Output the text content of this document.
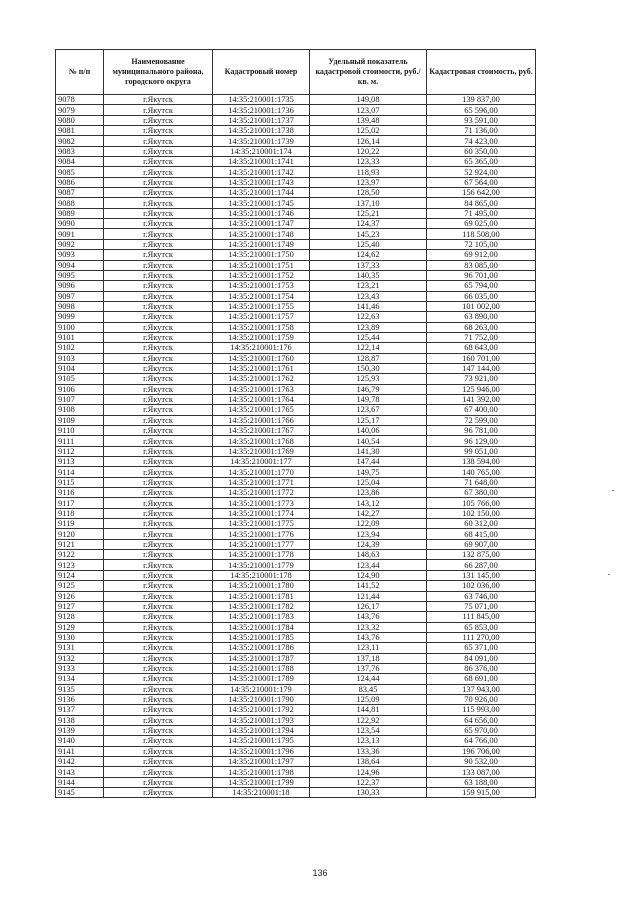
№ п/п	Наименование муниципального района, городского округа	Кадастровый номер	Удельный показатель кадастровой стоимости, руб./кв. м.	Кадастровая стоимость, руб.
9078	г.Якутск	14:35:210001:1735	149,08	139 837,00
9079	г.Якутск	14:35:210001:1736	123,07	65 596,00
9080	г.Якутск	14:35:210001:1737	139,48	93 591,00
9081	г.Якутск	14:35:210001:1738	125,02	71 136,00
9082	г.Якутск	14:35:210001:1739	126,14	74 423,00
9083	г.Якутск	14:35:210001:174	120,22	60 350,00
9084	г.Якутск	14:35:210001:1741	123,33	65 365,00
9085	г.Якутск	14:35:210001:1742	118,93	52 924,00
9086	г.Якутск	14:35:210001:1743	123,97	67 564,00
9087	г.Якутск	14:35:210001:1744	128,50	156 642,00
9088	г.Якутск	14:35:210001:1745	137,10	84 865,00
9089	г.Якутск	14:35:210001:1746	125,21	71 495,00
9090	г.Якутск	14:35:210001:1747	124,37	69 025,00
9091	г.Якутск	14:35:210001:1748	145,23	118 508,00
9092	г.Якутск	14:35:210001:1749	125,40	72 105,00
9093	г.Якутск	14:35:210001:1750	124,62	69 912,00
9094	г.Якутск	14:35:210001:1751	137,33	83 085,00
9095	г.Якутск	14:35:210001:1752	140,35	96 701,00
9096	г.Якутск	14:35:210001:1753	123,21	65 794,00
9097	г.Якутск	14:35:210001:1754	123,43	66 035,00
9098	г.Якутск	14:35:210001:1755	141,46	101 002,00
9099	г.Якутск	14:35:210001:1757	122,63	63 890,00
9100	г.Якутск	14:35:210001:1758	123,89	68 263,00
9101	г.Якутск	14:35:210001:1759	125,44	71 752,00
9102	г.Якутск	14:35:210001:176	122,14	68 643,00
9103	г.Якутск	14:35:210001:1760	128,87	160 701,00
9104	г.Якутск	14:35:210001:1761	150,30	147 144,00
9105	г.Якутск	14:35:210001:1762	125,93	73 921,00
9106	г.Якутск	14:35:210001:1763	146,79	125 946,00
9107	г.Якутск	14:35:210001:1764	149,78	141 392,00
9108	г.Якутск	14:35:210001:1765	123,67	67 400,00
9109	г.Якутск	14:35:210001:1766	125,17	72 599,00
9110	г.Якутск	14:35:210001:1767	140,06	96 781,00
9111	г.Якутск	14:35:210001:1768	140,54	96 129,00
9112	г.Якутск	14:35:210001:1769	141,30	99 051,00
9113	г.Якутск	14:35:210001:177	147,44	138 594,00
9114	г.Якутск	14:35:210001:1770	149,75	140 765,00
9115	г.Якутск	14:35:210001:1771	125,04	71 648,00
9116	г.Якутск	14:35:210001:1772	123,86	67 380,00
9117	г.Якутск	14:35:210001:1773	143,12	105 766,00
9118	г.Якутск	14:35:210001:1774	142,27	102 150,00
9119	г.Якутск	14:35:210001:1775	122,09	60 312,00
9120	г.Якутск	14:35:210001:1776	123,94	68 415,00
9121	г.Якутск	14:35:210001:1777	124,39	69 907,00
9122	г.Якутск	14:35:210001:1778	148,63	132 875,00
9123	г.Якутск	14:35:210001:1779	123,44	66 287,00
9124	г.Якутск	14:35:210001:178	124,90	131 145,00
9125	г.Якутск	14:35:210001:1780	141,52	102 036,00
9126	г.Якутск	14:35:210001:1781	121,44	63 746,00
9127	г.Якутск	14:35:210001:1782	126,17	75 071,00
9128	г.Якутск	14:35:210001:1783	143,76	111 845,00
9129	г.Якутск	14:35:210001:1784	123,32	65 853,00
9130	г.Якутск	14:35:210001:1785	143,76	111 270,00
9131	г.Якутск	14:35:210001:1786	123,11	65 371,00
9132	г.Якутск	14:35:210001:1787	137,18	84 091,00
9133	г.Якутск	14:35:210001:1788	137,76	86 376,00
9134	г.Якутск	14:35:210001:1789	124,44	68 691,00
9135	г.Якутск	14:35:210001:179	83,45	137 943,00
9136	г.Якутск	14:35:210001:1790	125,09	70 926,00
9137	г.Якутск	14:35:210001:1792	144,81	115 993,00
9138	г.Якутск	14:35:210001:1793	122,92	64 656,00
9139	г.Якутск	14:35:210001:1794	123,54	65 970,00
9140	г.Якутск	14:35:210001:1795	123,13	64 766,00
9141	г.Якутск	14:35:210001:1796	133,36	196 706,00
9142	г.Якутск	14:35:210001:1797	138,64	90 532,00
9143	г.Якутск	14:35:210001:1798	124,96	133 087,00
9144	г.Якутск	14:35:210001:1799	122,37	63 188,00
9145	г.Якутск	14:35:210001:18	130,33	159 915,00
136
